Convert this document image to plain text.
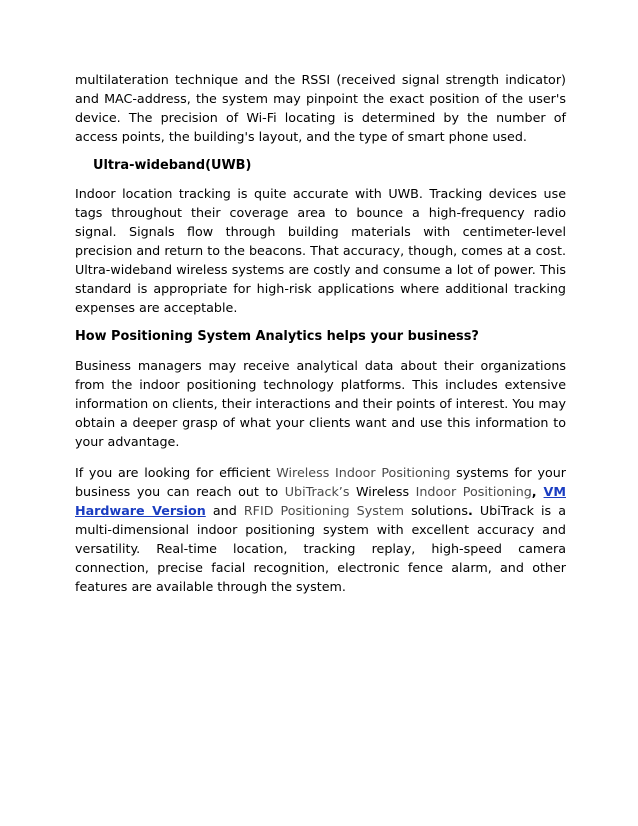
multilateration technique and the RSSI (received signal strength indicator) and MAC-address, the system may pinpoint the exact position of the user's device. The precision of Wi-Fi locating is determined by the number of access points, the building's layout, and the type of smart phone used.

Ultra-wideband(UWB)

Indoor location tracking is quite accurate with UWB. Tracking devices use tags throughout their coverage area to bounce a high-frequency radio signal. Signals flow through building materials with centimeter-level precision and return to the beacons. That accuracy, though, comes at a cost. Ultra-wideband wireless systems are costly and consume a lot of power. This standard is appropriate for high-risk applications where additional tracking expenses are acceptable.

How Positioning System Analytics helps your business?

Business managers may receive analytical data about their organizations from the indoor positioning technology platforms. This includes extensive information on clients, their interactions and their points of interest. You may obtain a deeper grasp of what your clients want and use this information to your advantage.

If you are looking for efficient Wireless Indoor Positioning systems for your business you can reach out to UbiTrack’s Wireless Indoor Positioning, VM Hardware Version and RFID Positioning System solutions. UbiTrack is a multi-dimensional indoor positioning system with excellent accuracy and versatility. Real-time location, tracking replay, high-speed camera connection, precise facial recognition, electronic fence alarm, and other features are available through the system.
